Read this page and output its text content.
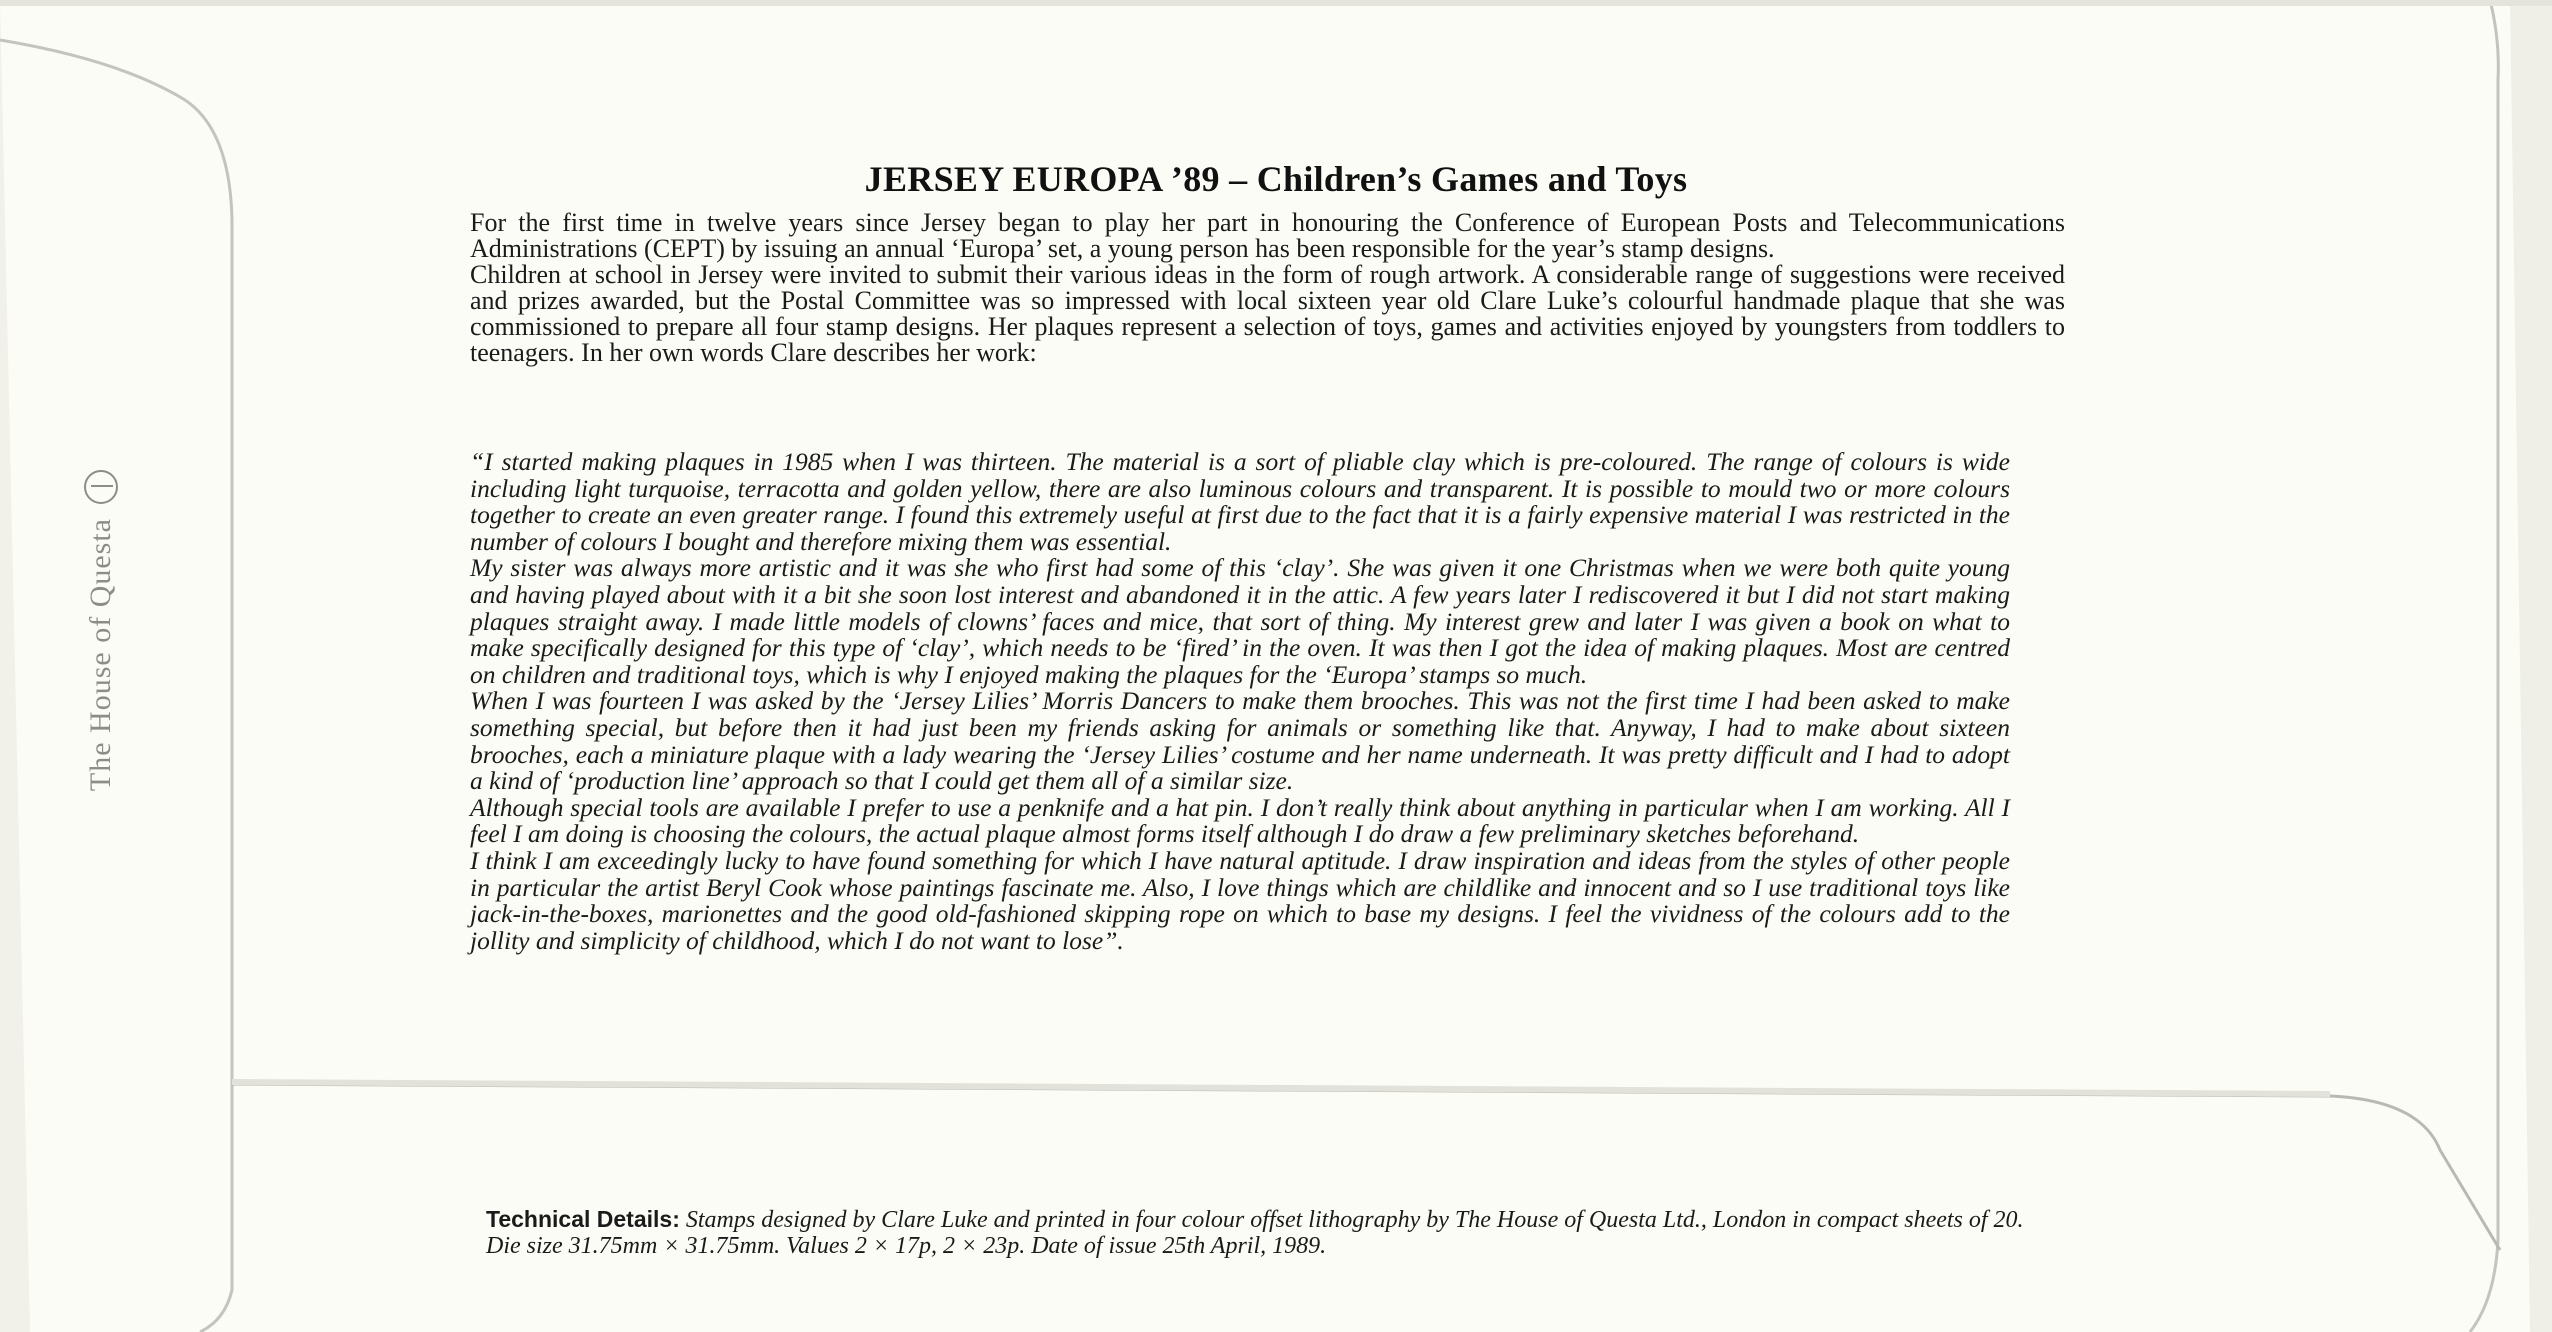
The House of Questa
JERSEY EUROPA ’89 – Children’s Games and Toys

For the first time in twelve years since Jersey began to play her part in honouring the Conference of European Posts and Telecommunications Administrations (CEPT) by issuing an annual ‘Europa’ set, a young person has been responsible for the year’s stamp designs.

Children at school in Jersey were invited to submit their various ideas in the form of rough artwork. A considerable range of suggestions were received and prizes awarded, but the Postal Committee was so impressed with local sixteen year old Clare Luke’s colourful handmade plaque that she was commissioned to prepare all four stamp designs. Her plaques represent a selection of toys, games and activities enjoyed by youngsters from toddlers to teenagers. In her own words Clare describes her work:

“I started making plaques in 1985 when I was thirteen. The material is a sort of pliable clay which is pre-coloured. The range of colours is wide including light turquoise, terracotta and golden yellow, there are also luminous colours and transparent. It is possible to mould two or more colours together to create an even greater range. I found this extremely useful at first due to the fact that it is a fairly expensive material I was restricted in the number of colours I bought and therefore mixing them was essential.

My sister was always more artistic and it was she who first had some of this ‘clay’. She was given it one Christmas when we were both quite young and having played about with it a bit she soon lost interest and abandoned it in the attic. A few years later I rediscovered it but I did not start making plaques straight away. I made little models of clowns’ faces and mice, that sort of thing. My interest grew and later I was given a book on what to make specifically designed for this type of ‘clay’, which needs to be ‘fired’ in the oven. It was then I got the idea of making plaques. Most are centred on children and traditional toys, which is why I enjoyed making the plaques for the ‘Europa’ stamps so much.

When I was fourteen I was asked by the ‘Jersey Lilies’ Morris Dancers to make them brooches. This was not the first time I had been asked to make something special, but before then it had just been my friends asking for animals or something like that. Anyway, I had to make about sixteen brooches, each a miniature plaque with a lady wearing the ‘Jersey Lilies’ costume and her name underneath. It was pretty difficult and I had to adopt a kind of ‘production line’ approach so that I could get them all of a similar size.

Although special tools are available I prefer to use a penknife and a hat pin. I don’t really think about anything in particular when I am working. All I feel I am doing is choosing the colours, the actual plaque almost forms itself although I do draw a few preliminary sketches beforehand.

I think I am exceedingly lucky to have found something for which I have natural aptitude. I draw inspiration and ideas from the styles of other people in particular the artist Beryl Cook whose paintings fascinate me. Also, I love things which are childlike and innocent and so I use traditional toys like jack-in-the-boxes, marionettes and the good old-fashioned skipping rope on which to base my designs. I feel the vividness of the colours add to the jollity and simplicity of childhood, which I do not want to lose”.

Technical Details: Stamps designed by Clare Luke and printed in four colour offset lithography by The House of Questa Ltd., London in compact sheets of 20. Die size 31.75mm × 31.75mm. Values 2 × 17p, 2 × 23p. Date of issue 25th April, 1989.
